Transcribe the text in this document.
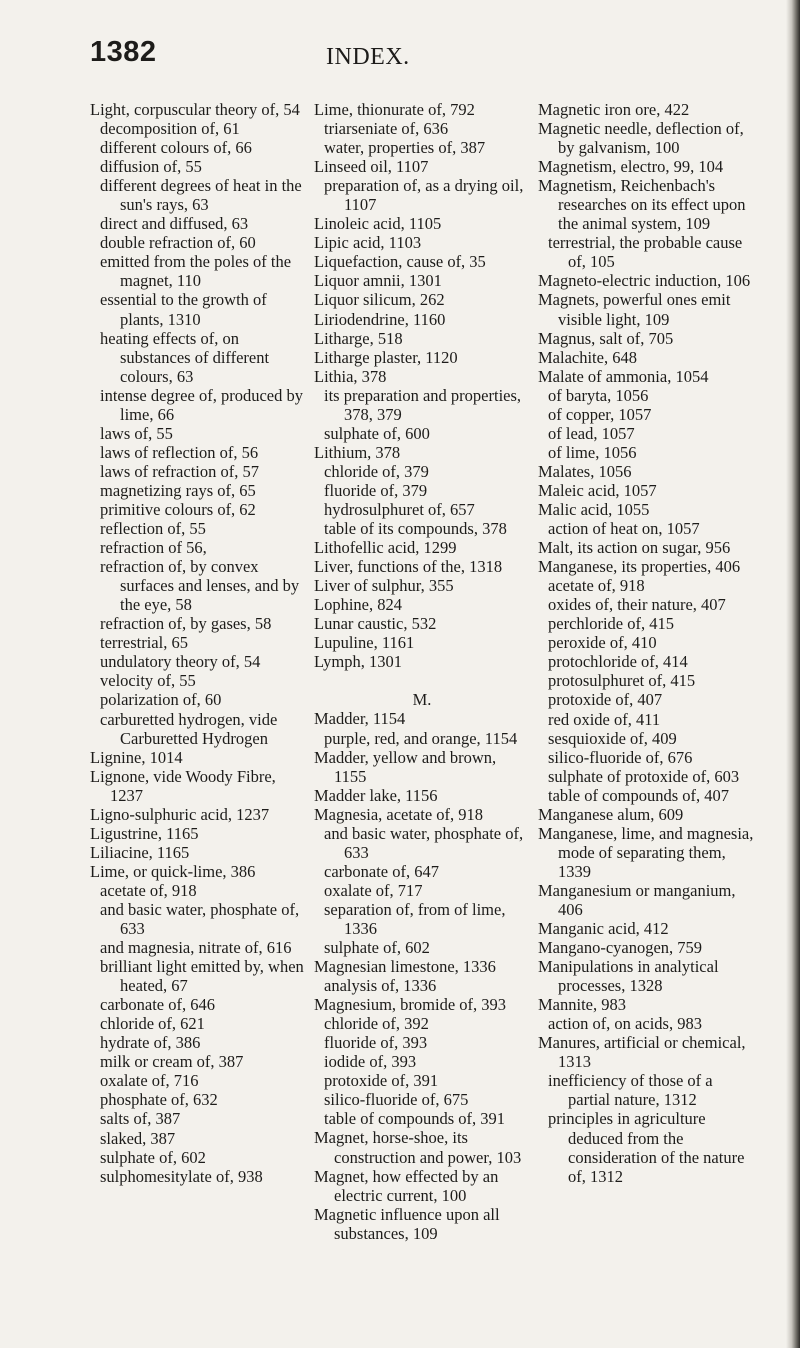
1382	INDEX.

Light, corpuscular theory of, 54

decomposition of, 61

different colours of, 66

diffusion of, 55

different degrees of heat in the sun's rays, 63

direct and diffused, 63

double refraction of, 60

emitted from the poles of the magnet, 110

essential to the growth of plants, 1310

heating effects of, on substances of different colours, 63

intense degree of, produced by lime, 66

laws of, 55

laws of reflection of, 56

laws of refraction of, 57

magnetizing rays of, 65

primitive colours of, 62

reflection of, 55

refraction of 56,

refraction of, by convex surfaces and lenses, and by the eye, 58

refraction of, by gases, 58

terrestrial, 65

undulatory theory of, 54

velocity of, 55

polarization of, 60

carburetted hydrogen, vide Carburetted Hydrogen

Lignine, 1014

Lignone, vide Woody Fibre, 1237

Ligno-sulphuric acid, 1237

Ligustrine, 1165

Liliacine, 1165

Lime, or quick-lime, 386

acetate of, 918

and basic water, phosphate of, 633

and magnesia, nitrate of, 616

brilliant light emitted by, when heated, 67

carbonate of, 646

chloride of, 621

hydrate of, 386

milk or cream of, 387

oxalate of, 716

phosphate of, 632

salts of, 387

slaked, 387

sulphate of, 602

sulphomesitylate of, 938

Lime, thionurate of, 792

triarseniate of, 636

water, properties of, 387

Linseed oil, 1107

preparation of, as a drying oil, 1107

Linoleic acid, 1105

Lipic acid, 1103

Liquefaction, cause of, 35

Liquor amnii, 1301

Liquor silicum, 262

Liriodendrine, 1160

Litharge, 518

Litharge plaster, 1120

Lithia, 378

its preparation and properties, 378, 379

sulphate of, 600

Lithium, 378

chloride of, 379

fluoride of, 379

hydrosulphuret of, 657

table of its compounds, 378

Lithofellic acid, 1299

Liver, functions of the, 1318

Liver of sulphur, 355

Lophine, 824

Lunar caustic, 532

Lupuline, 1161

Lymph, 1301

M.

Madder, 1154

purple, red, and orange, 1154

Madder, yellow and brown, 1155

Madder lake, 1156

Magnesia, acetate of, 918

and basic water, phosphate of, 633

carbonate of, 647

oxalate of, 717

separation of, from of lime, 1336

sulphate of, 602

Magnesian limestone, 1336

analysis of, 1336

Magnesium, bromide of, 393

chloride of, 392

fluoride of, 393

iodide of, 393

protoxide of, 391

silico-fluoride of, 675

table of compounds of, 391

Magnet, horse-shoe, its construction and power, 103

Magnet, how effected by an electric current, 100

Magnetic influence upon all substances, 109

Magnetic iron ore, 422

Magnetic needle, deflection of, by galvanism, 100

Magnetism, electro, 99, 104

Magnetism, Reichenbach's researches on its effect upon the animal system, 109

terrestrial, the probable cause of, 105

Magneto-electric induction, 106

Magnets, powerful ones emit visible light, 109

Magnus, salt of, 705

Malachite, 648

Malate of ammonia, 1054

of baryta, 1056

of copper, 1057

of lead, 1057

of lime, 1056

Malates, 1056

Maleic acid, 1057

Malic acid, 1055

action of heat on, 1057

Malt, its action on sugar, 956

Manganese, its properties, 406

acetate of, 918

oxides of, their nature, 407

perchloride of, 415

peroxide of, 410

protochloride of, 414

protosulphuret of, 415

protoxide of, 407

red oxide of, 411

sesquioxide of, 409

silico-fluoride of, 676

sulphate of protoxide of, 603

table of compounds of, 407

Manganese alum, 609

Manganese, lime, and magnesia, mode of separating them, 1339

Manganesium or manganium, 406

Manganic acid, 412

Mangano-cyanogen, 759

Manipulations in analytical processes, 1328

Mannite, 983

action of, on acids, 983

Manures, artificial or chemical, 1313

inefficiency of those of a partial nature, 1312

principles in agriculture deduced from the consideration of the nature of, 1312
